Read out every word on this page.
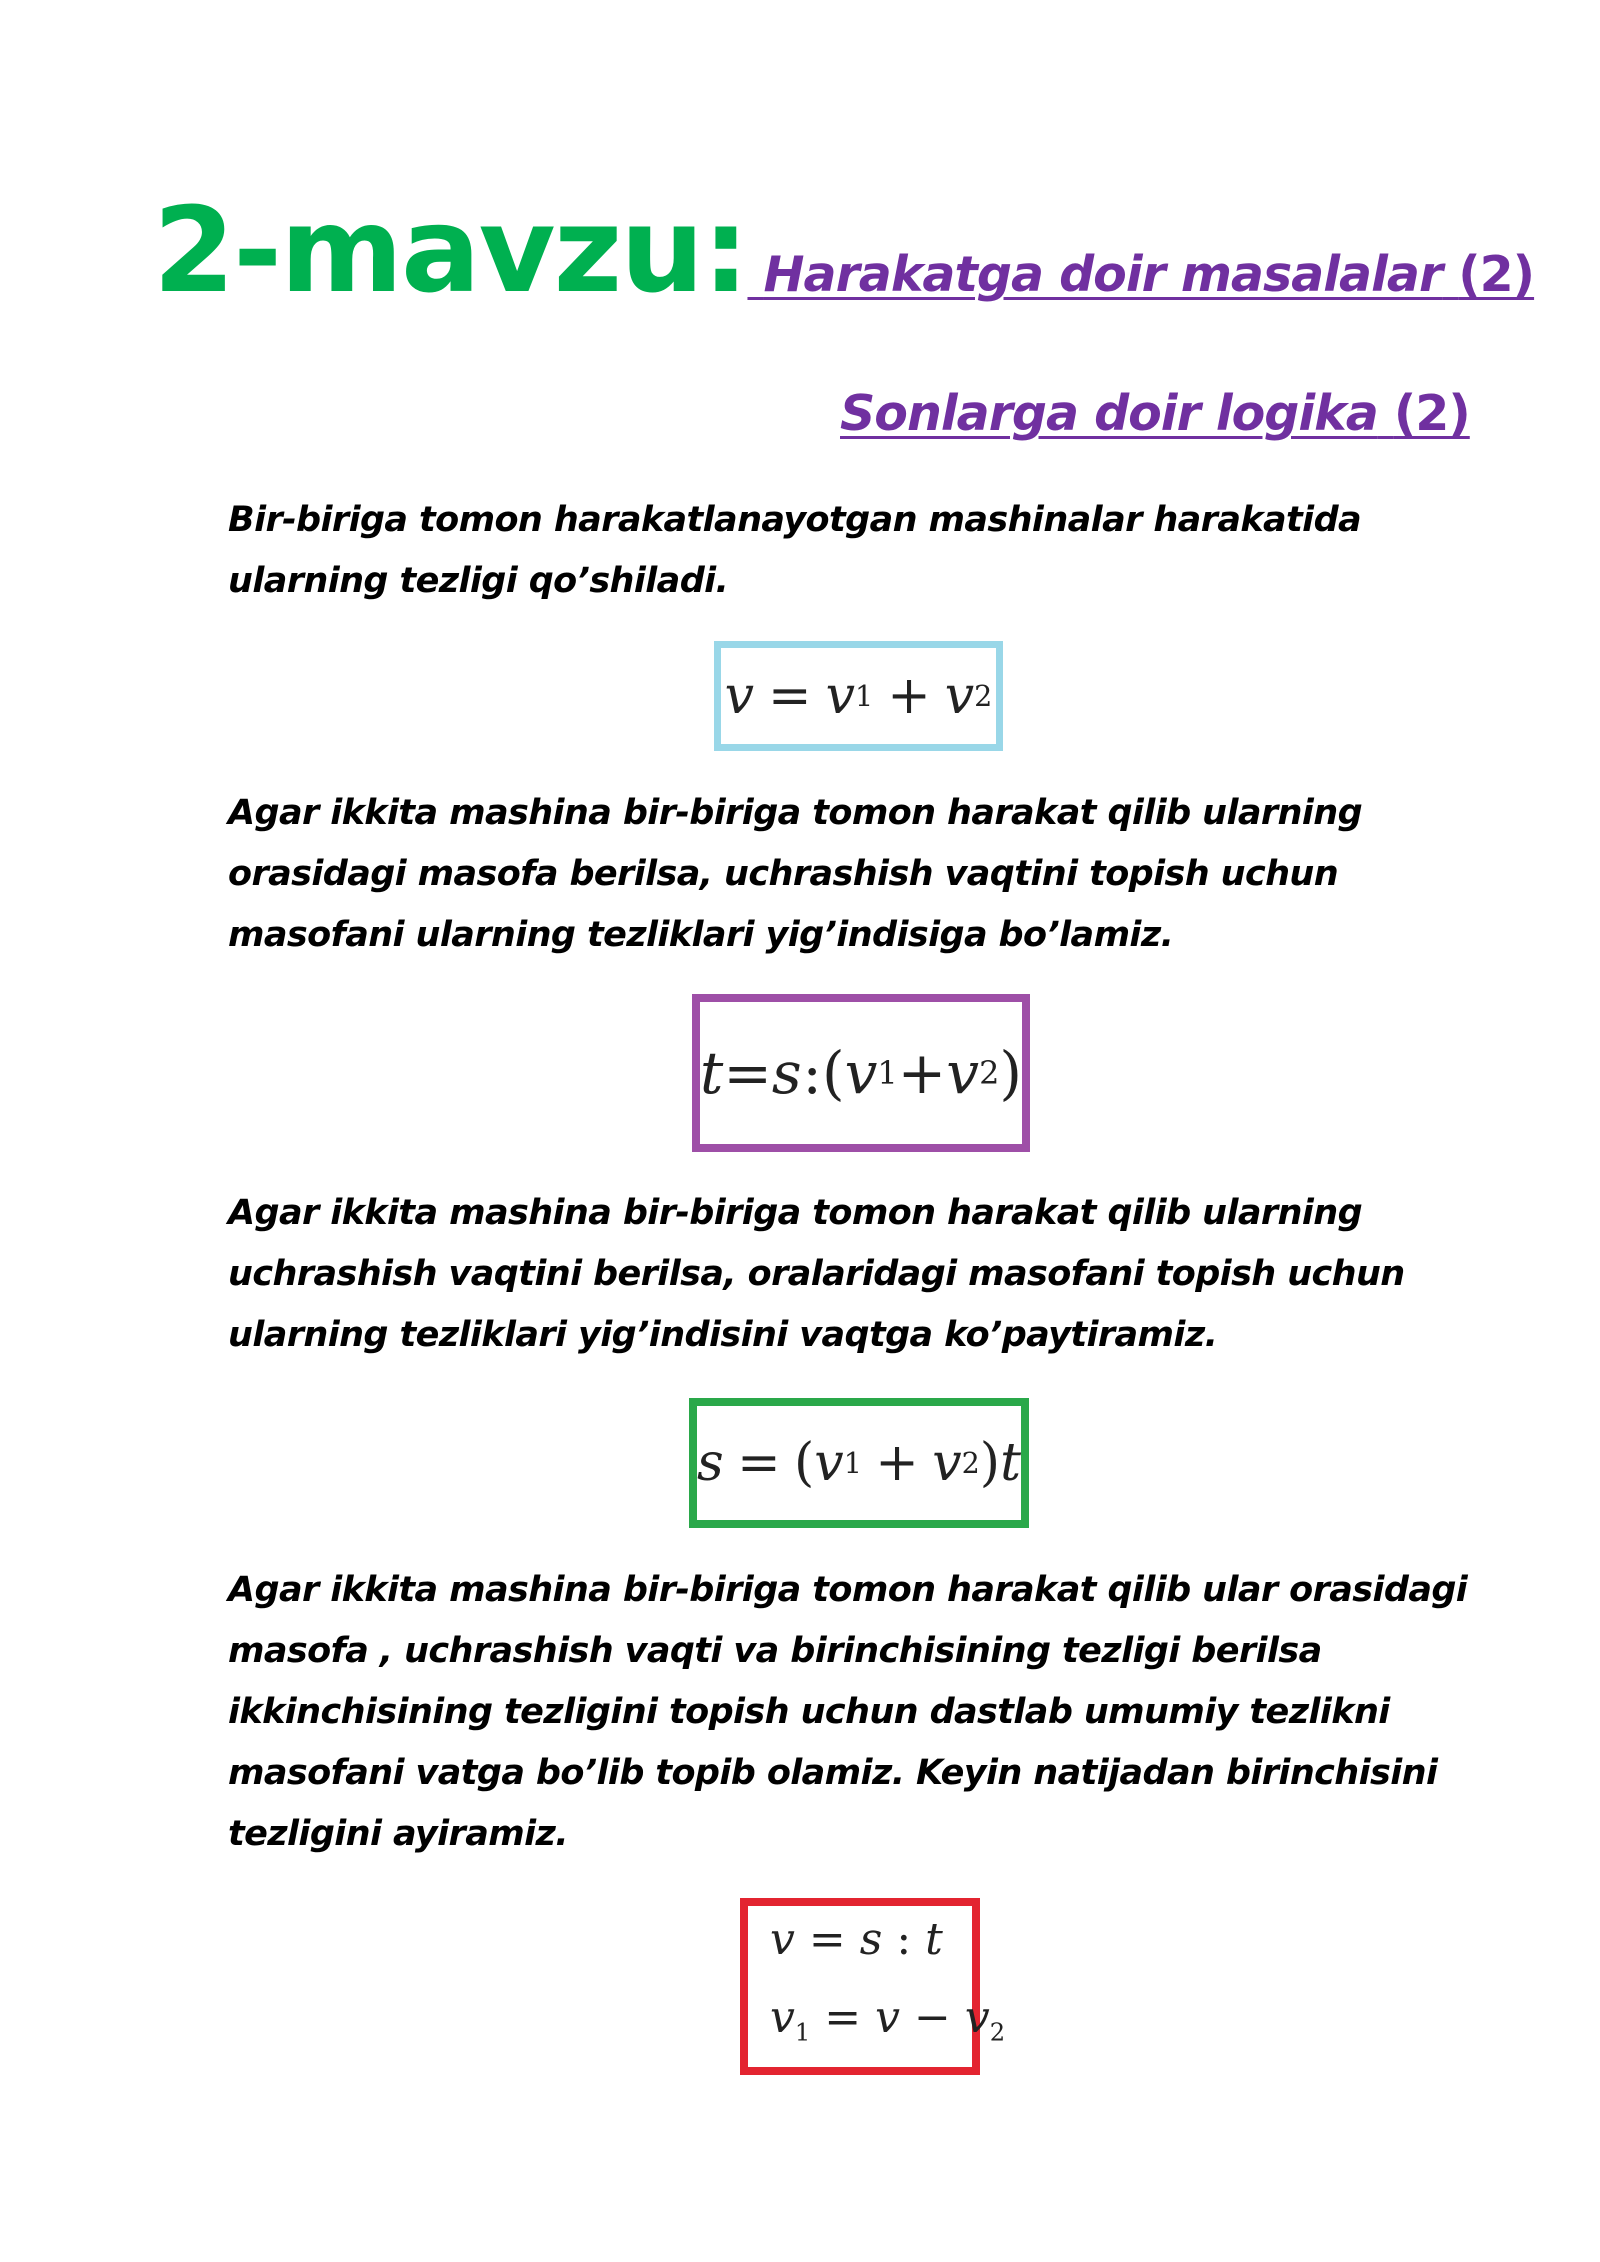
2-mavzu: Harakatga doir masalalar (2)
Sonlarga doir logika (2)
Bir-biriga tomon harakatlanayotgan mashinalar harakatida ularning tezligi qo’shiladi.
v = v 1 + v 2
Agar ikkita mashina bir-biriga tomon harakat qilib ularning orasidagi masofa berilsa, uchrashish vaqtini topish uchun masofani ularning tezliklari yig’indisiga bo’lamiz.
t = s :( v 1 + v 2 )
Agar ikkita mashina bir-biriga tomon harakat qilib ularning uchrashish vaqtini berilsa, oralaridagi masofani topish uchun ularning tezliklari yig’indisini vaqtga ko’paytiramiz.
s = ( v 1 + v 2 ) t
Agar ikkita mashina bir-biriga tomon harakat qilib ular orasidagi masofa , uchrashish vaqti va birinchisining tezligi berilsa ikkinchisining tezligini topish uchun dastlab umumiy tezlikni masofani vatga bo’lib topib olamiz. Keyin natijadan birinchisini tezligini ayiramiz.
v = s : t
$v_1 = v - v_2$
